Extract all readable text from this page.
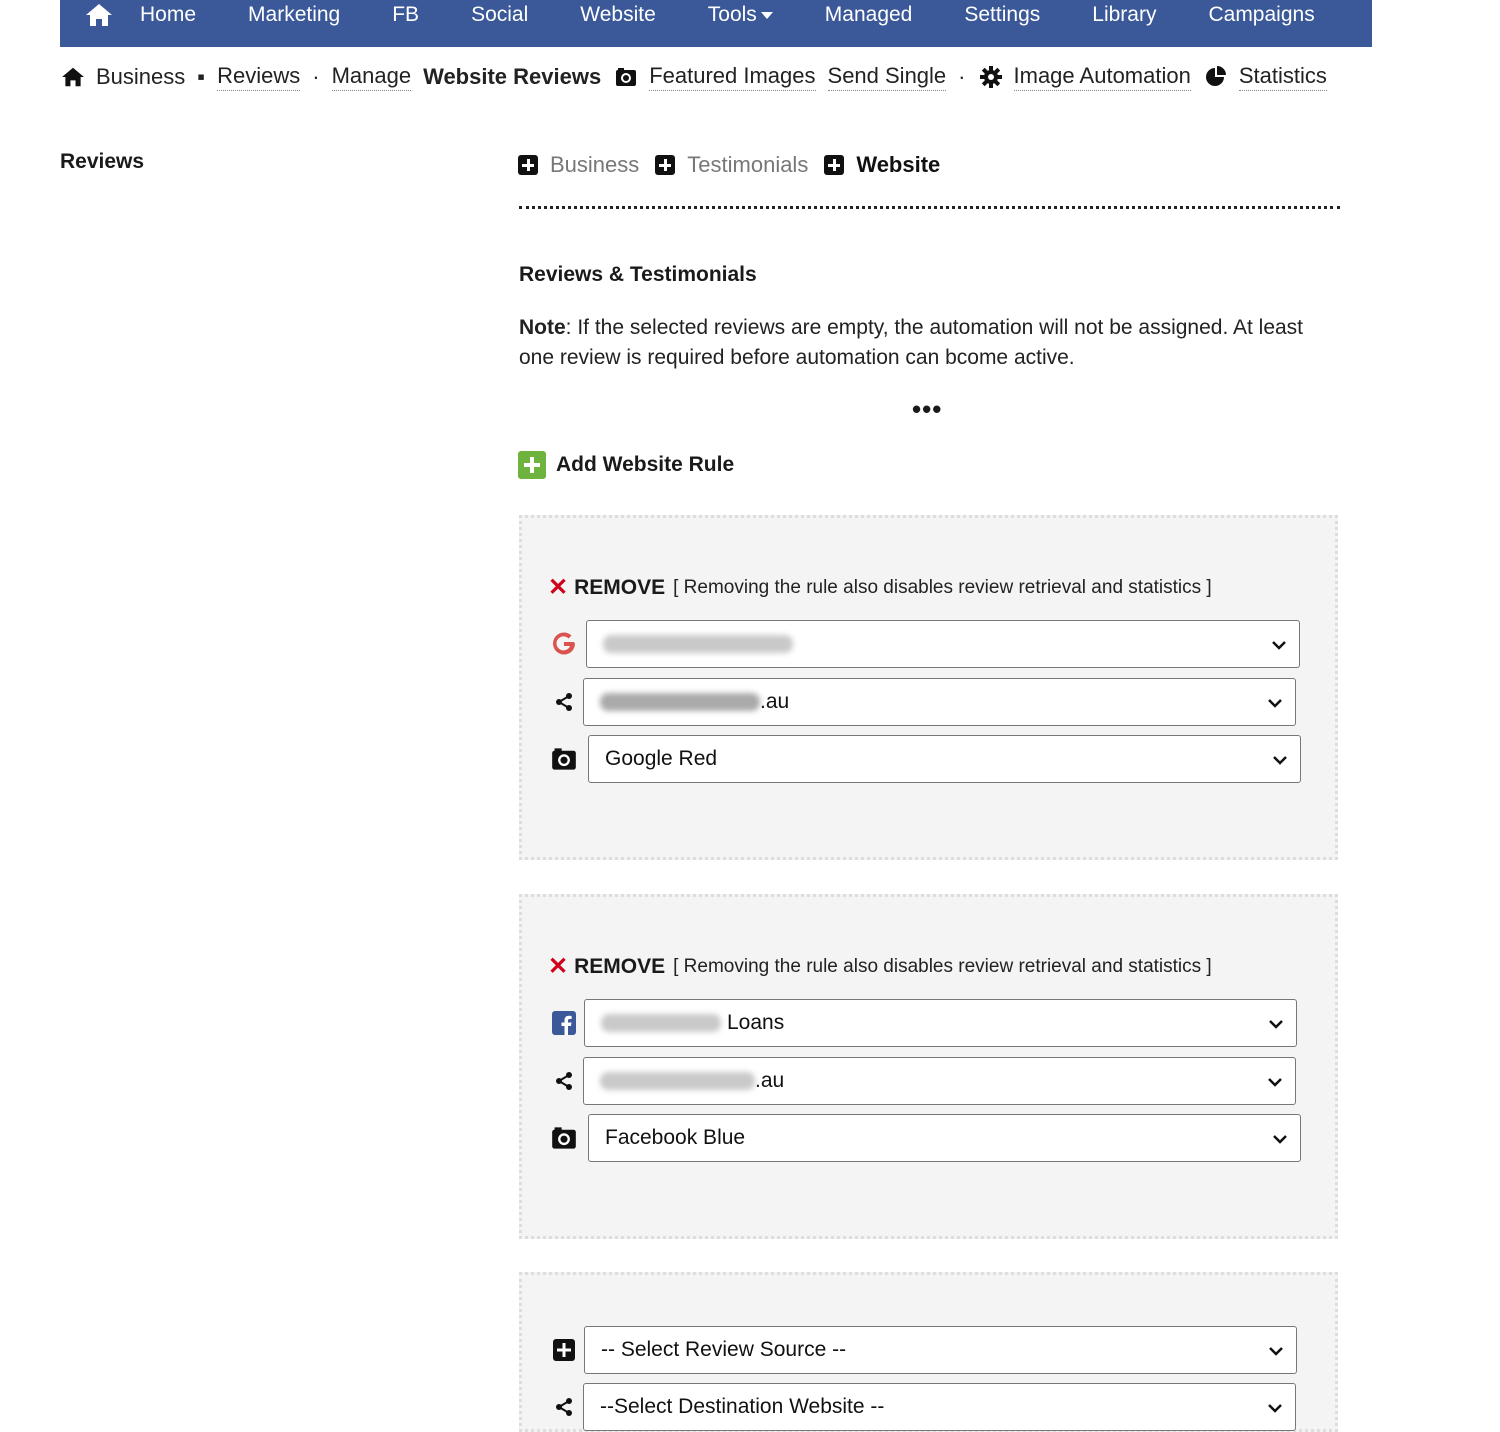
Home	Marketing	FB	Social	Website	Tools	Managed	Settings	Library	Campaigns
Business ▪ Reviews · Manage Website Reviews Featured Images Send Single · Image Automation Statistics
Reviews	Business Testimonials Website
Reviews & Testimonials
Note: If the selected reviews are empty, the automation will not be assigned. At least one review is required before automation can bcome active.
•••
Add Website Rule
✕ REMOVE [ Removing the rule also disables review retrieval and statistics ]
.au
Google Red
✕ REMOVE [ Removing the rule also disables review retrieval and statistics ]
Loans
.au
Facebook Blue
-- Select Review Source --
--Select Destination Website --
